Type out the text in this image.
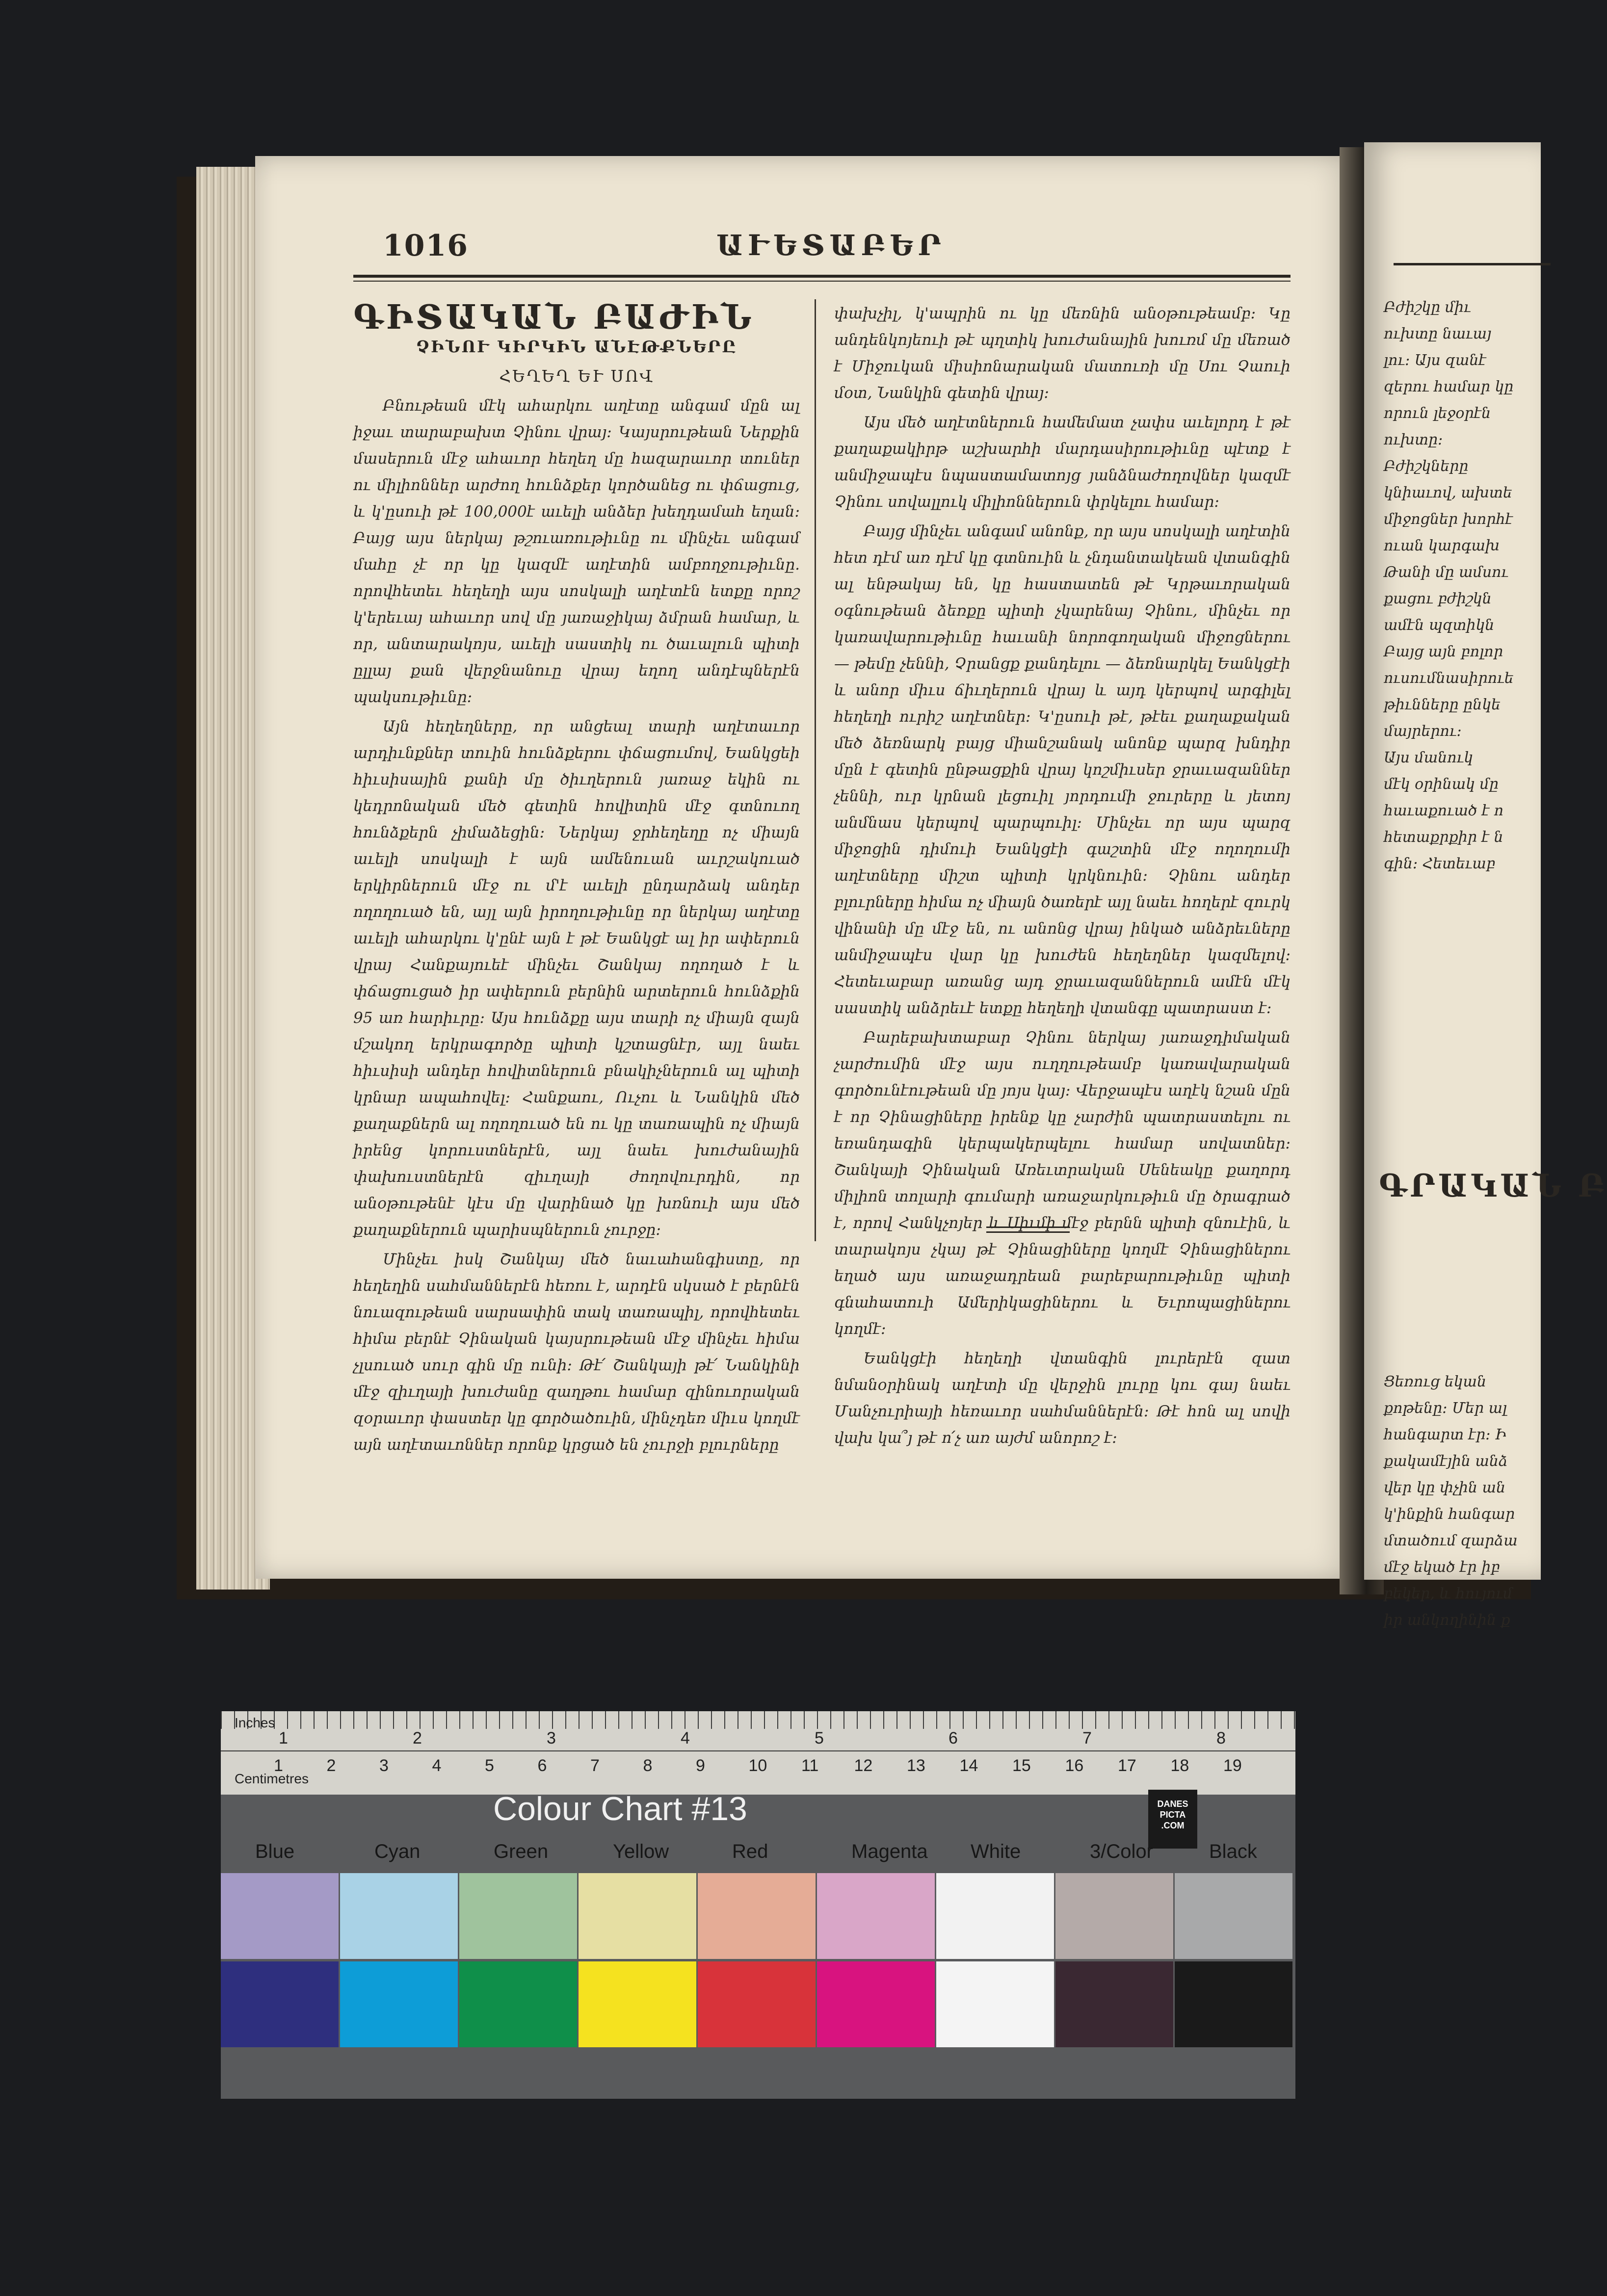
1016	ԱՒԵՏԱԲԵՐ

ԳԻՏԱԿԱՆ ԲԱԺԻՆ

ՉԻՆՈՒ ԿԻՐԿԻՆ ԱՆԷԹՔՆԵՐԸ

ՀԵՂԵՂ ԵՒ ՍՈՎ

Բնութեան մէկ ահարկու աղէտը անգամ մըն ալ իջաւ տարաբախտ Չինու վրայ։ Կայսրութեան Ներքին մասերուն մէջ ահաւոր հեղեղ մը հազարաւոր տուներ ու միլիոններ արժող հունձքեր կործանեց ու փճացուց, և կ'ըսուի թէ 100,000է աւելի անձեր խեղդամահ եղան։ Բայց այս ներկայ թշուառութիւնը ու մինչեւ անգամ մահը չէ որ կը կազմէ աղէտին ամբողջութիւնը. որովհետեւ հեղեղի այս սոսկալի աղէտէն ետքը որոշ կ'երեւայ ահաւոր սով մը յառաջիկայ ձմրան համար, և որ, անտարակոյս, աւելի սաստիկ ու ծաւալուն պիտի ըլլայ քան վերջնանուը վրայ եղող անդէպներէն պակսութիւնը։

Այն հեղեղները, որ անցեալ տարի աղէտաւոր արդիւնքներ տուին հունձքերու փճացումով, Եանկցեի հիւսիսային քանի մը ծիւղերուն յառաջ եկին ու կեդրոնական մեծ գետին հովիտին մէջ գտնուող հունձքերն չիմաձեցին։ Ներկայ ջրհեղեղը ոչ միայն աւելի սոսկալի է այն ամենուան աւրշակուած երկիրներուն մէջ ու մ'է աւելի ընդարձակ անդեր ողողուած են, այլ այն իրողութիւնը որ ներկայ աղէտը աւելի ահարկու կ'ընէ այն է թէ Եանկցէ ալ իր ափերուն վրայ Հանքայուեէ մինչեւ Շանկայ ողողած է և փճացուցած իր ափերուն բերնին արտերուն հունձքին 95 առ հարիւրը։ Այս հունձքը այս տարի ոչ միայն զայն մշակող երկրագործը պիտի կշտացնէր, այլ նաեւ հիւսիսի անդեր հովիտներուն բնակիչներուն ալ պիտի կրնար ապահովել։ Հանքաու, Ուչու և Նանկին մեծ քաղաքներն ալ ողողուած են ու կը տառապին ոչ միայն իրենց կորուստներէն, այլ նաեւ խուժանային փախուստներէն զիւղայի ժողովուրդին, որ անօթութենէ կէս մը վարինած կը խռնուի այս մեծ քաղաքներուն պարիսպներուն չուրջը։

Մինչեւ իսկ Շանկայ մեծ նաւահանգիստը, որ հեղեղին սահմաններէն հեռու է, արդէն սկսած է բերնէն նուազութեան սարսափին տակ տառապիլ, որովհետեւ հիմա բերնէ Չինական կայսրութեան մէջ մինչեւ հիմա չլսուած սուր գին մը ունի։ Թէ՛ Շանկայի թէ՛ Նանկինի մէջ զիւղայի խուժանը զաղթու համար զինուորական զօրաւոր փաստեր կը գործածուին, մինչդեռ միւս կողմէ այն աղէտաւոններ որոնք կրցած են չուրջի բլուրները

փախչիլ, կ'ապրին ու կը մեռնին անօթութեամբ։ Կը անդենկոյեուի թէ պղտիկ խուժանային խուռմ մը մեռած է Միջուկան միսիոնարական մատուռի մը Սու Չաուի մօտ, Նանկին գետին վրայ։

Այս մեծ աղէտներուն համեմատ չափս աւելորդ է թէ քաղաքակիրթ աշխարհի մարդասիրութիւնը պէտք է անմիջապէս նպաստամատոյց յանձնաժողովներ կազմէ Չինու սովալլուկ միլիոններուն փրկելու համար։

Բայց մինչեւ անգամ անոնք, որ այս սոսկալի աղէտին հետ դէմ առ դէմ կը գտնուին և չնդանտակեան վտանգին ալ ենթակայ են, կը հաստատեն թէ Կրթաւորական օգնութեան ձեռքը պիտի չկարենայ Չինու, մինչեւ որ կառավարութիւնը հաւանի նորոգողական միջոցներու — թեմը չեննի, Չրանցք քանդելու — ձեռնարկել Եանկցէի և անոր միւս ճիւղերուն վրայ և այդ կերպով արգիլել հեղեղի ուրիշ աղէտներ։ Կ'ըսուի թէ, թէեւ քաղաքական մեծ ձեռնարկ բայց միանշանակ անոնք պարզ խնդիր մըն է գետին ընթացքին վրայ կոշմիւսեր ջրաւազաններ չեննի, ուր կրնան լեցուիլ յորդումի ջուրերը և յետոյ անմնաս կերպով պարպուիլ։ Մինչեւ որ այս պարզ միջոցին դիմուի Եանկցէի գաշտին մէջ ողողումի աղէտները միշտ պիտի կրկնուին։ Չինու անդեր բլուրները հիմա ոչ միայն ծառերէ այլ նաեւ հողերէ զուրկ վինանի մը մէջ են, ու անոնց վրայ ինկած անձրեւները անմիջապէս վար կը խուժեն հեղեղներ կազմելով։ Հետեւաբար առանց այդ ջրաւազաններուն ամէն մէկ սաստիկ անձրեւէ ետքը հեղեղի վտանգը պատրաստ է։

Բարեբախտաբար Չինու ներկայ յառաջդիմական չարժումին մէջ այս ուղղութեամբ կառավարական գործունէութեան մը յոյս կայ։ Վերջապէս աղէկ նշան մըն է որ Չինացիները իրենք կը չարժին պատրաստելու ու եռանդագին կերպակերպելու համար սովատներ։ Շանկայի Չինական Առեւտրական Սենեակը քաղորդ միլիոն տոլարի գումարի առաջարկութիւն մը ծրագրած է, որով Հանկչոյեր և Սիւմի մէջ բերնն պիտի զնուէին, և տարակոյս չկայ թէ Չինացիները կողմէ Չինացիներու եղած այս առաջադրեան բարեբարութիւնը պիտի գնահատուի Ամերիկացիներու և Եւրոպացիներու կողմէ։

Եանկցէի հեղեղի վտանգին լուրերէն զատ նմանօրինակ աղէտի մը վերջին լուրը կու գայ նաեւ Մանչուրիայի հեռաւոր սահմաններէն։ Թէ հոն ալ սովի վախ կա՞յ թէ ո՛չ առ այժմ անորոշ է։

Բժիշկը միւ
ուխտը նաւայ
լու։ Այս զանէ
զերու համար կը
որուն լեջօրէն
ուխտը։
Բժիշկները
կնիաւով, ախտե
միջոցներ խորհէ
ուան կարգախ
Թանի մը ամսու
քացու բժիշկն
ամէն պզտիկն
Բայց այն բոլոր
ուսումնասիրուե
թիւնները ընկե
մայրերու։
Այս մանուկ
մէկ օրինակ մը
հաւաքուած է ո
հետաքրքիր է ն
գին։ Հետեւաբ
ԳՐԱԿԱՆ Բ
Ցեռուց եկան
քոթենը։ Մեր ալ
հանգարտ էր։ Ի
քակամէյին անձ
վեր կը փչին ան
կ'ինքին հանգար
մտածում զարձա
մէջ եկած էր իբ
բեկեր, և հույում
իր անկողինին ք
Inches
Centimetres
1	2	3	4	5	6	7	8
1	2	3	4	5	6	7	8	9	10 11 12 13 14 15 16 17 18 19
Colour Chart #13	DANES
PICTA
.COM
Blue	Cyan	Green	Yellow	Red	Magenta White	3/Color	Black
